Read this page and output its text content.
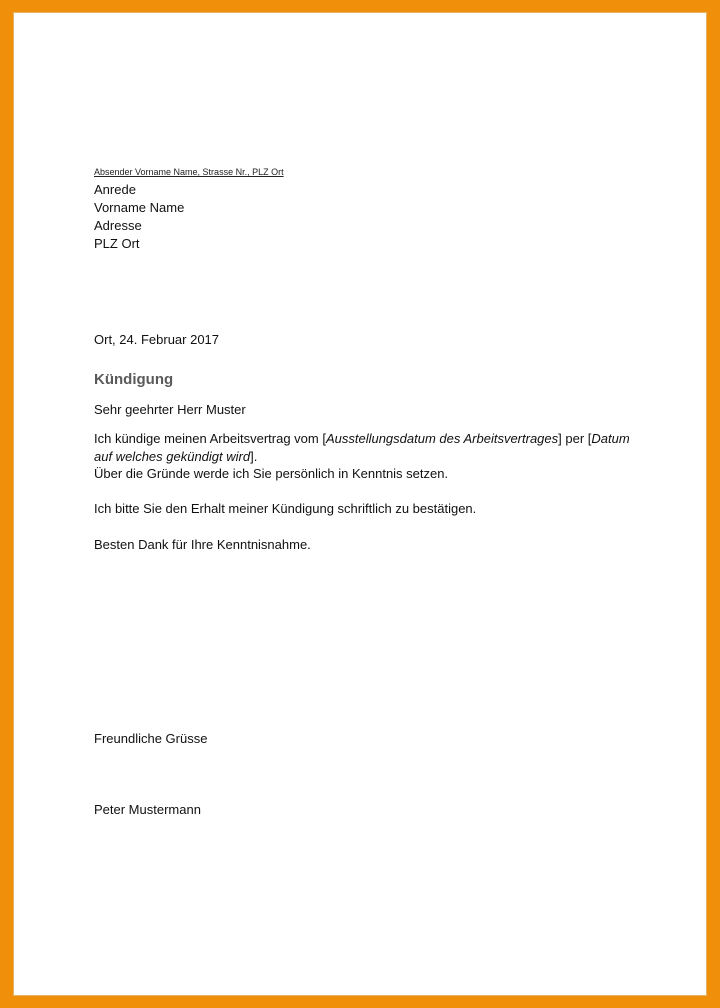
Absender Vorname Name, Strasse Nr., PLZ Ort
Anrede
Vorname Name
Adresse
PLZ Ort
Ort, 24. Februar 2017
Kündigung
Sehr geehrter Herr Muster
Ich kündige meinen Arbeitsvertrag vom [Ausstellungsdatum des Arbeitsvertrages] per [Datum auf welches gekündigt wird].
Über die Gründe werde ich Sie persönlich in Kenntnis setzen.
Ich bitte Sie den Erhalt meiner Kündigung schriftlich zu bestätigen.
Besten Dank für Ihre Kenntnisnahme.
Freundliche Grüsse
Peter Mustermann
